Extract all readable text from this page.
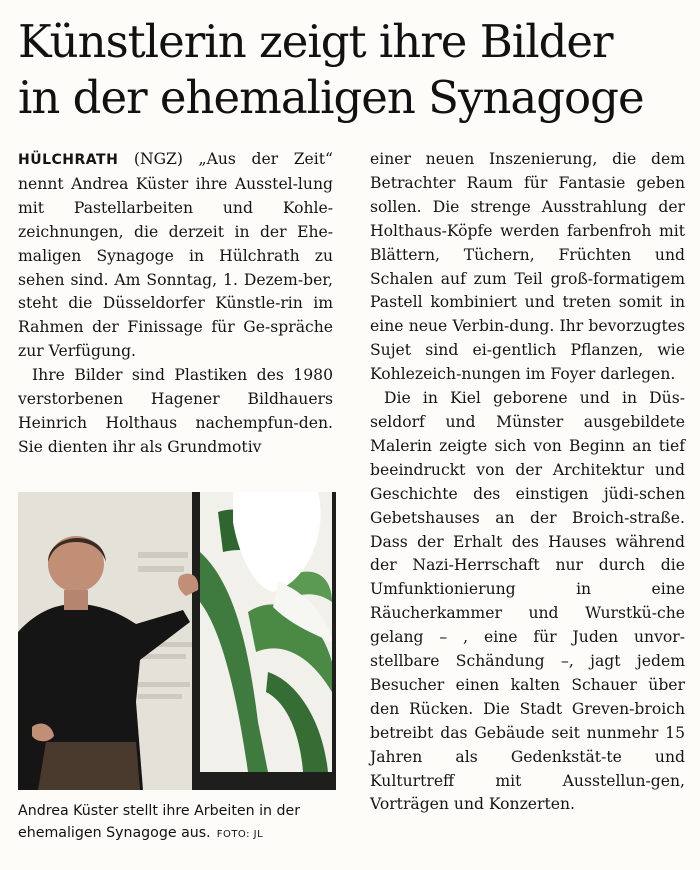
Künstlerin zeigt ihre Bilder
in der ehemaligen Synagoge

HÜLCHRATH (NGZ) „Aus der Zeit“ nennt Andrea Küster ihre Ausstel-lung mit Pastellarbeiten und Kohle-zeichnungen, die derzeit in der Ehe-maligen Synagoge in Hülchrath zu sehen sind. Am Sonntag, 1. Dezem-ber, steht die Düsseldorfer Künstle-rin im Rahmen der Finissage für Ge-spräche zur Verfügung.

Ihre Bilder sind Plastiken des 1980 verstorbenen Hagener Bildhauers Heinrich Holthaus nachempfun-den. Sie dienten ihr als Grundmotiv

Andrea Küster stellt ihre Arbeiten in der ehemaligen Synagoge aus. FOTO: JL

einer neuen Inszenierung, die dem Betrachter Raum für Fantasie geben sollen. Die strenge Ausstrahlung der Holthaus-Köpfe werden farbenfroh mit Blättern, Tüchern, Früchten und Schalen auf zum Teil groß-formatigem Pastell kombiniert und treten somit in eine neue Verbin-dung. Ihr bevorzugtes Sujet sind ei-gentlich Pflanzen, wie Kohlezeich-nungen im Foyer darlegen.

Die in Kiel geborene und in Düs-seldorf und Münster ausgebildete Malerin zeigte sich von Beginn an tief beeindruckt von der Architektur und Geschichte des einstigen jüdi-schen Gebetshauses an der Broich-straße. Dass der Erhalt des Hauses während der Nazi-Herrschaft nur durch die Umfunktionierung in eine Räucherkammer und Wurstkü-che gelang – , eine für Juden unvor-stellbare Schändung –, jagt jedem Besucher einen kalten Schauer über den Rücken. Die Stadt Greven-broich betreibt das Gebäude seit nunmehr 15 Jahren als Gedenkstät-te und Kulturtreff mit Ausstellun-gen, Vorträgen und Konzerten.
